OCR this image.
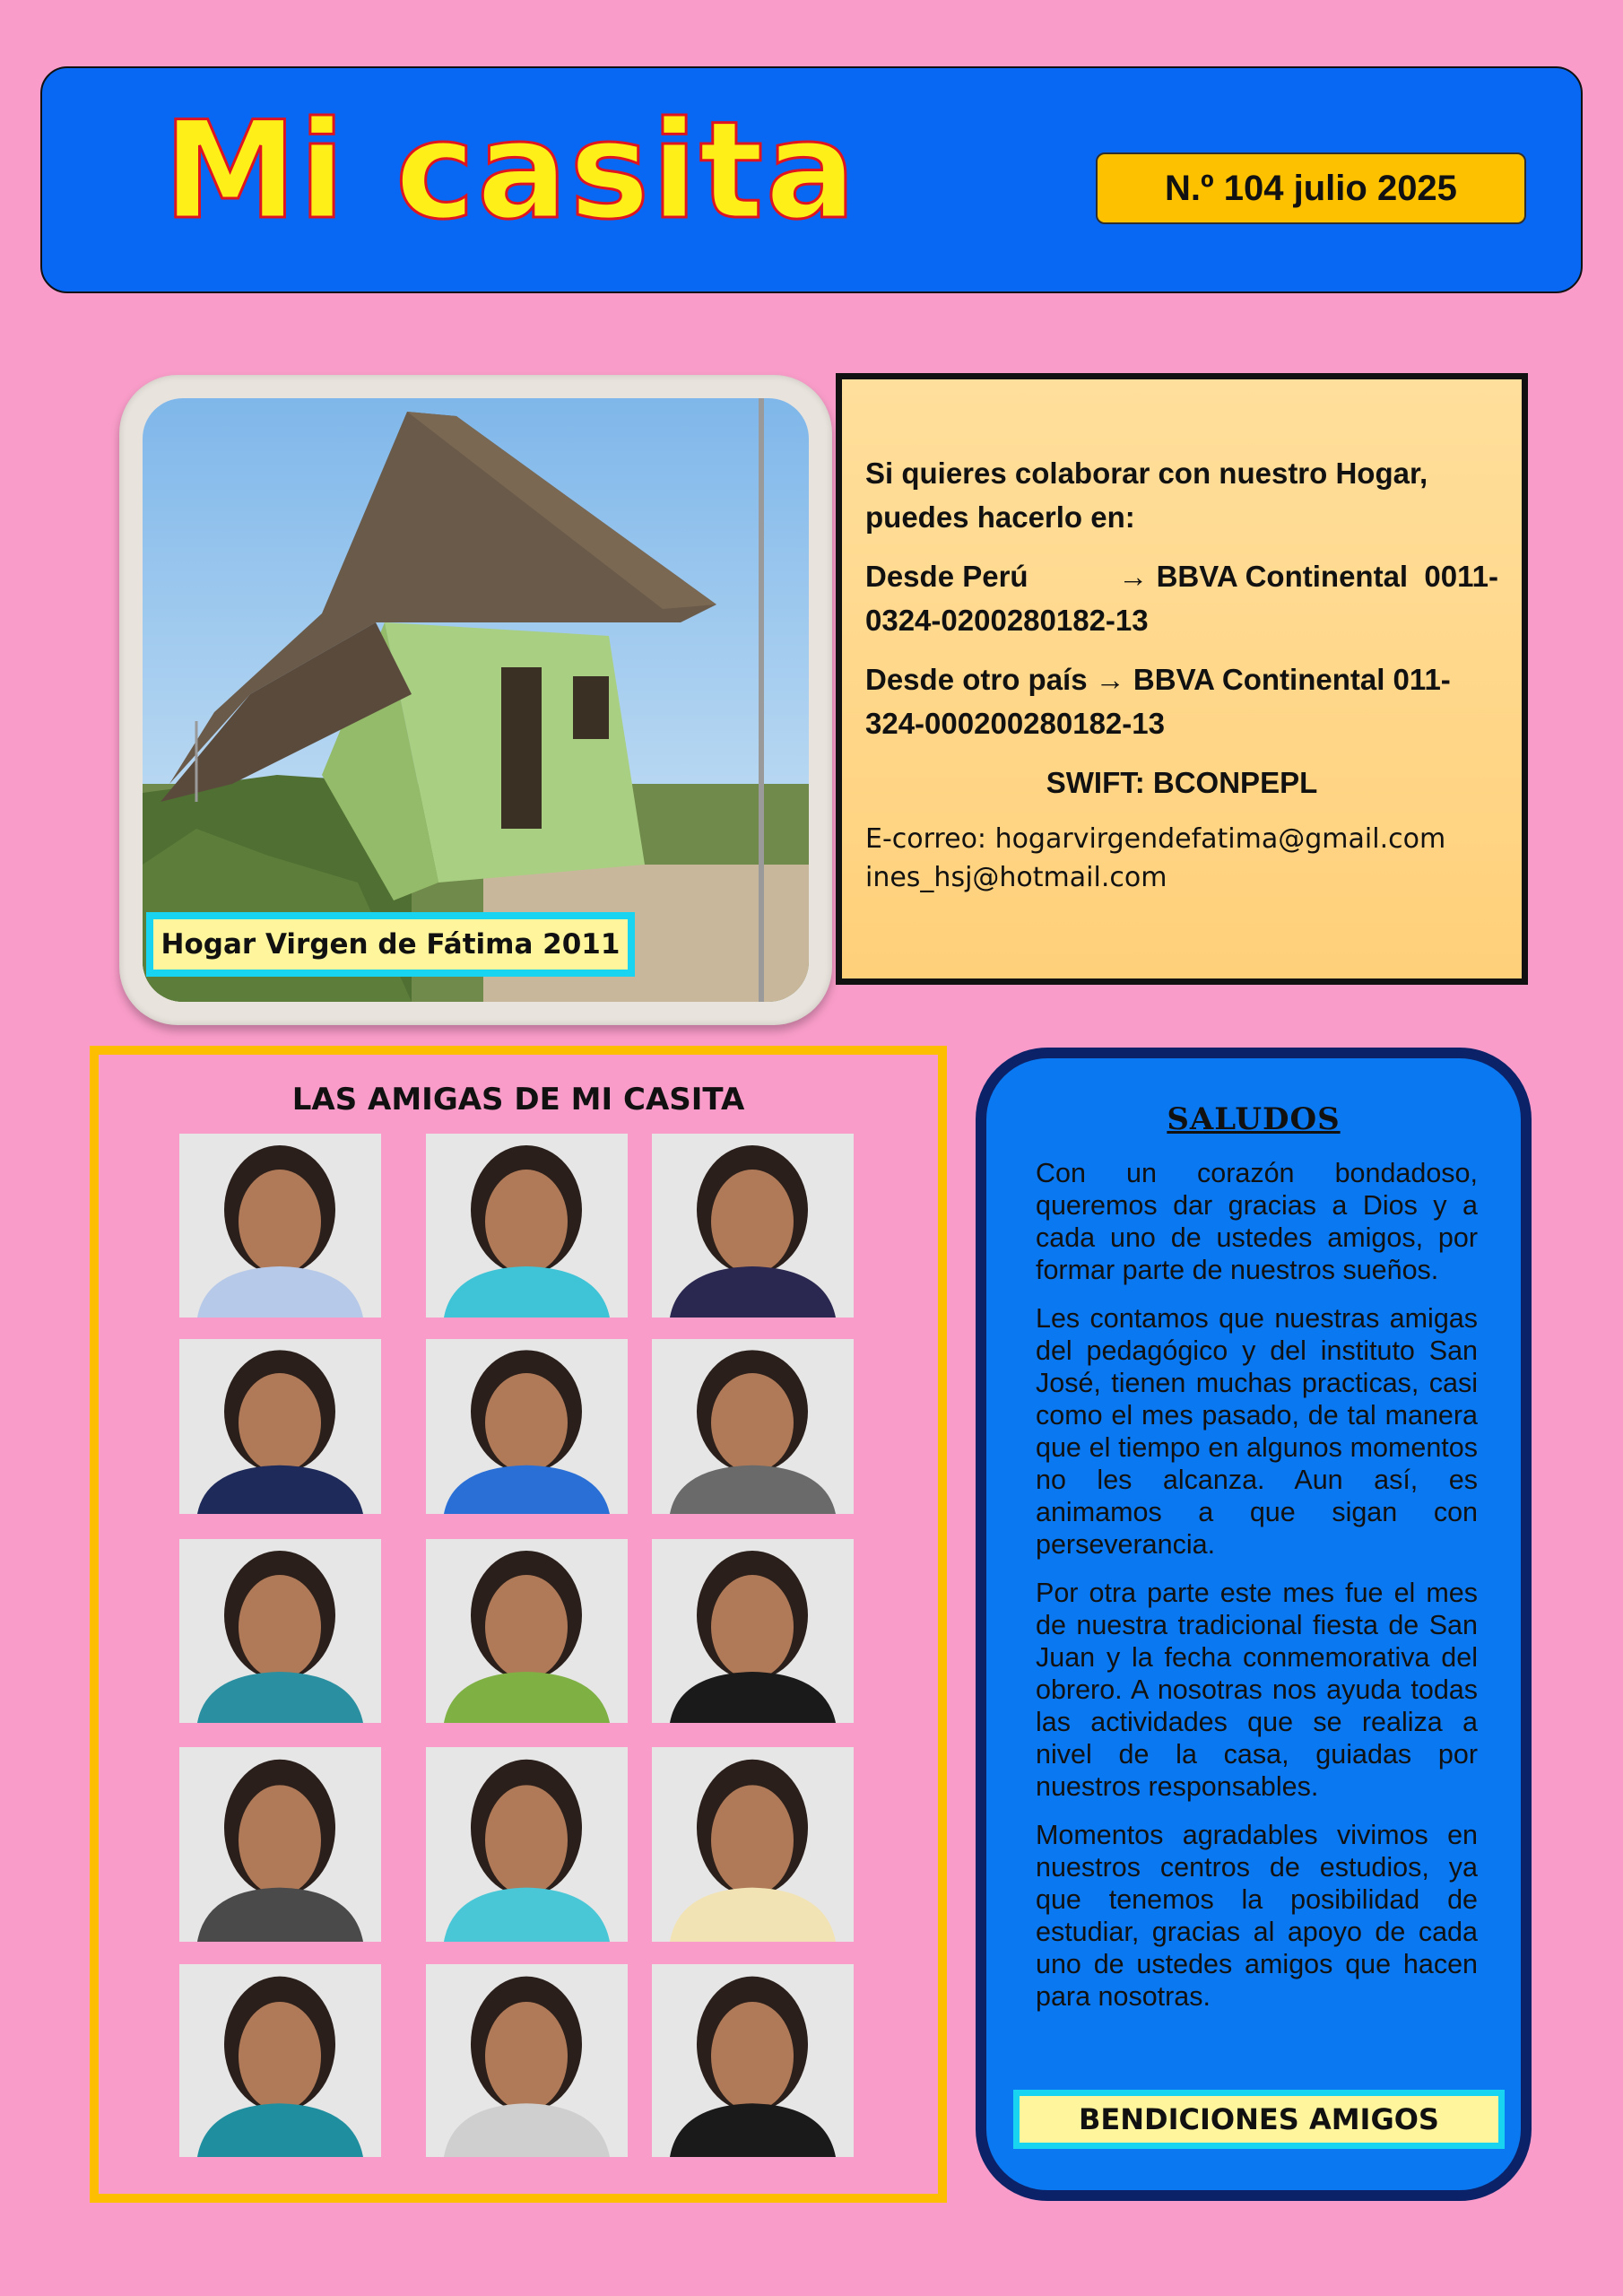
Mi casita	N.º 104 julio 2025
Hogar Virgen de Fátima 2011

Si quieres colaborar con nuestro Hogar, puedes hacerlo en:

Desde Perú           → BBVA Continental  0011-0324-0200280182-13

Desde otro país → BBVA Continental 011-324-000200280182-13

SWIFT: BCONPEPL

E-correo: hogarvirgendefatima@gmail.com

ines_hsj@hotmail.com

LAS AMIGAS DE MI CASITA
SALUDOS

Con un corazón bondadoso, queremos dar gracias a Dios y a cada uno de ustedes amigos, por formar parte de nuestros sueños.

Les contamos que nuestras amigas del pedagógico y del instituto San José, tienen muchas practicas, casi como el mes pasado, de tal manera que el tiempo en algunos momentos no les alcanza. Aun así, es animamos a que sigan con perseverancia.

Por otra parte este mes fue el mes de nuestra tradicional fiesta de San Juan y la fecha conmemorativa del obrero. A nosotras nos ayuda todas las actividades que se realiza a nivel de la casa, guiadas por nuestros responsables.

Momentos agradables vivimos en nuestros centros de estudios, ya que tenemos la posibilidad de estudiar, gracias al apoyo de cada uno de ustedes amigos que hacen para nosotras.

BENDICIONES AMIGOS
